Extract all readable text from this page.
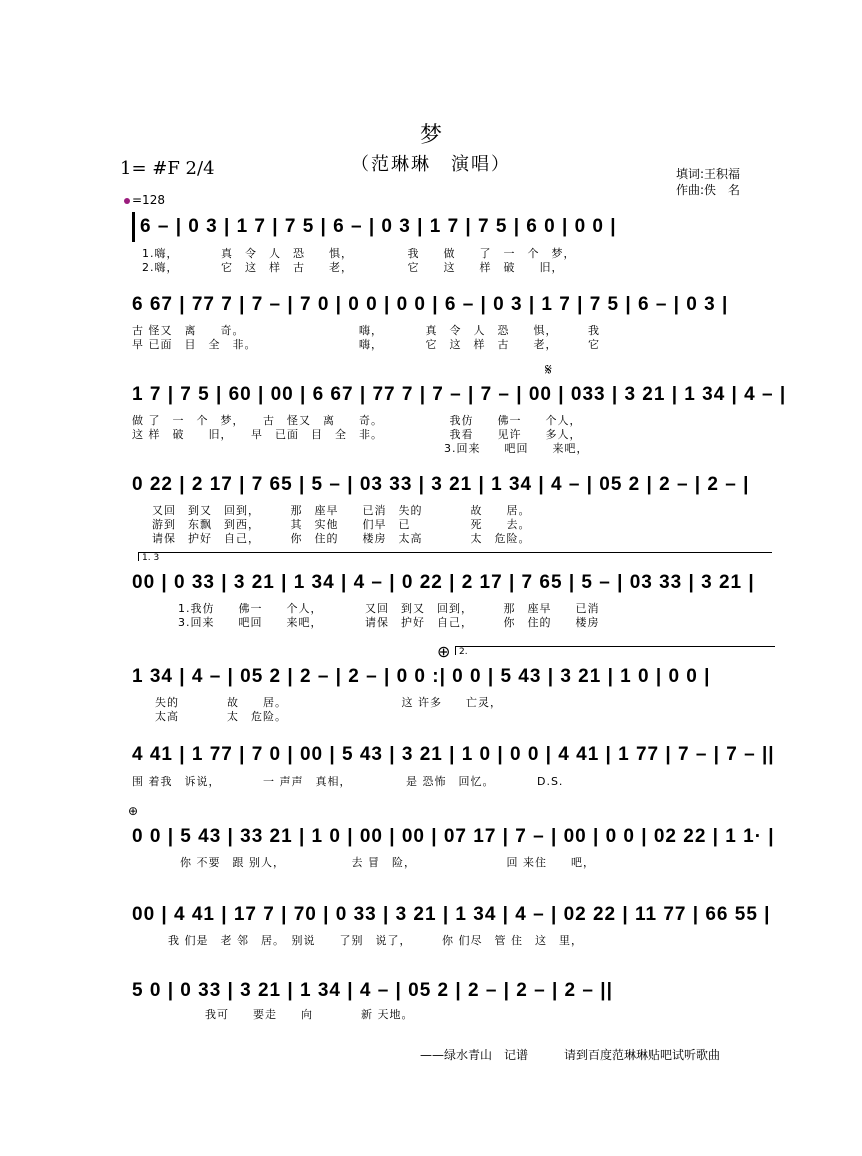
梦
（范琳琳　演唱）
1= #F 2/4
=128
填词:王积福
作曲:佚　名
6 – | 0 3 | 1 7 | 7 5 | 6 – | 0 3 | 1 7 | 7 5 | 6 0 | 0 0 |
1.嗨，　　　　真　令　人　恐　　惧，　　　　　我　　做　　了　一　个　梦，
2.嗨，　　　　它　这　样　古　　老，　　　　　它　　这　　样　破　　旧，
6 67 | 77 7 | 7 – | 7 0 | 0 0 | 0 0 | 6 – | 0 3 | 1 7 | 7 5 | 6 – | 0 3 |
古 怪又　离　　奇。　　　　　　　　　　嗨，　　　　真　令　人　恐　　惧，　　　我
早 已面　目　全　非。　　　　　　　　　嗨，　　　　它　这　样　古　　老，　　　它
𝄋
1 7 | 7 5 | 60 | 00 | 6 67 | 77 7 | 7 – | 7 – | 00 | 033 | 3 21 | 1 34 | 4 – |
做 了　一　个　梦，　　古　怪又　离　　奇。　　　　　　我仿　　佛一　　个人，
这 样　破　　旧，　　早　已面　目　全　非。　　　　　　我看　　见许　　多人，
　　　　　　　　　　　　　　　　　　　　　　　　　　3.回来　　吧回　　来吧，
0 22 | 2 17 | 7 65 | 5 – | 03 33 | 3 21 | 1 34 | 4 – | 05 2 | 2 – | 2 – |
又回　到又　回到，　　　那　座早　　已消　失的　　　　故　　居。
游到　东飘　到西，　　　其　实他　　们早　已　　　　　死　　去。
请保　护好　自己，　　　你　住的　　楼房　太高　　　　太　危险。
1. 3
00 | 0 33 | 3 21 | 1 34 | 4 – | 0 22 | 2 17 | 7 65 | 5 – | 03 33 | 3 21 |
1.我仿　　佛一　　个人，　　　　又回　到又　回到，　　　那　座早　　已消
3.回来　　吧回　　来吧，　　　　请保　护好　自己，　　　你　住的　　楼房
⊕ 2.
1 34 | 4 – | 05 2 | 2 – | 2 – | 0 0 :| 0 0 | 5 43 | 3 21 | 1 0 | 0 0 |
失的　　　　故　　居。　　　　　　　　　　这 许多　　亡灵，
太高　　　　太　危险。
4 41 | 1 77 | 7 0 | 00 | 5 43 | 3 21 | 1 0 | 0 0 | 4 41 | 1 77 | 7 – | 7 – ||
围 着我　诉说，　　　　一 声声　真相，　　　　　是 恐怖　回忆。　　　　D.S.
⊕
0 0 | 5 43 | 33 21 | 1 0 | 00 | 00 | 07 17 | 7 – | 00 | 0 0 | 02 22 | 1 1· |
你 不要　跟 别人，　　　　　　去 冒　险，　　　　　　　　回 来住　　吧，
00 | 4 41 | 17 7 | 70 | 0 33 | 3 21 | 1 34 | 4 – | 02 22 | 11 77 | 66 55 |
我 们是　老 邻　居。　别说　　了别　说了，　　　你 们尽　管 住　这　里，
5 0 | 0 33 | 3 21 | 1 34 | 4 – | 05 2 | 2 – | 2 – | 2 – ||
我可　　要走　　向　　　　新 天地。
——绿水青山　记谱　　　请到百度范琳琳贴吧试听歌曲
